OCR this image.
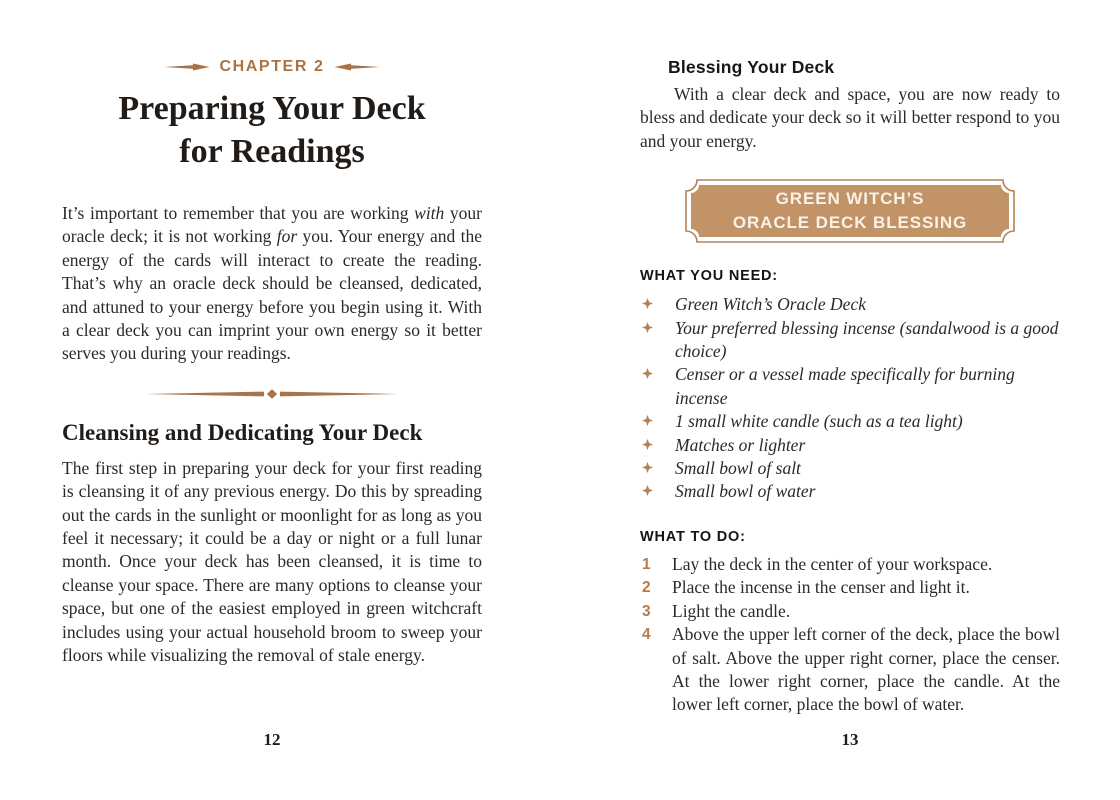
CHAPTER 2
Preparing Your Deck
for Readings

It’s important to remember that you are working with your oracle deck; it is not working for you. Your energy and the energy of the cards will interact to create the reading. That’s why an oracle deck should be cleansed, dedicated, and attuned to your energy before you begin using it. With a clear deck you can imprint your own energy so it better serves you during your readings.

Cleansing and Dedicating Your Deck

The first step in preparing your deck for your first reading is cleansing it of any previous energy. Do this by spreading out the cards in the sunlight or moonlight for as long as you feel it necessary; it could be a day or night or a full lunar month. Once your deck has been cleansed, it is time to cleanse your space. There are many options to cleanse your space, but one of the easiest employed in green witchcraft includes using your actual household broom to sweep your floors while visualizing the removal of stale energy.

12
Blessing Your Deck

With a clear deck and space, you are now ready to bless and dedicate your deck so it will better respond to you and your energy.

GREEN WITCH’S
ORACLE DECK BLESSING
WHAT YOU NEED:
Green Witch’s Oracle Deck
Your preferred blessing incense (sandalwood is a good choice)
Censer or a vessel made specifically for burning incense
1 small white candle (such as a tea light)
Matches or lighter
Small bowl of salt
Small bowl of water
WHAT TO DO:
1	Lay the deck in the center of your workspace.
2	Place the incense in the censer and light it.
3	Light the candle.
4	Above the upper left corner of the deck, place the bowl of salt. Above the upper right corner, place the censer. At the lower right corner, place the candle. At the lower left corner, place the bowl of water.
13
